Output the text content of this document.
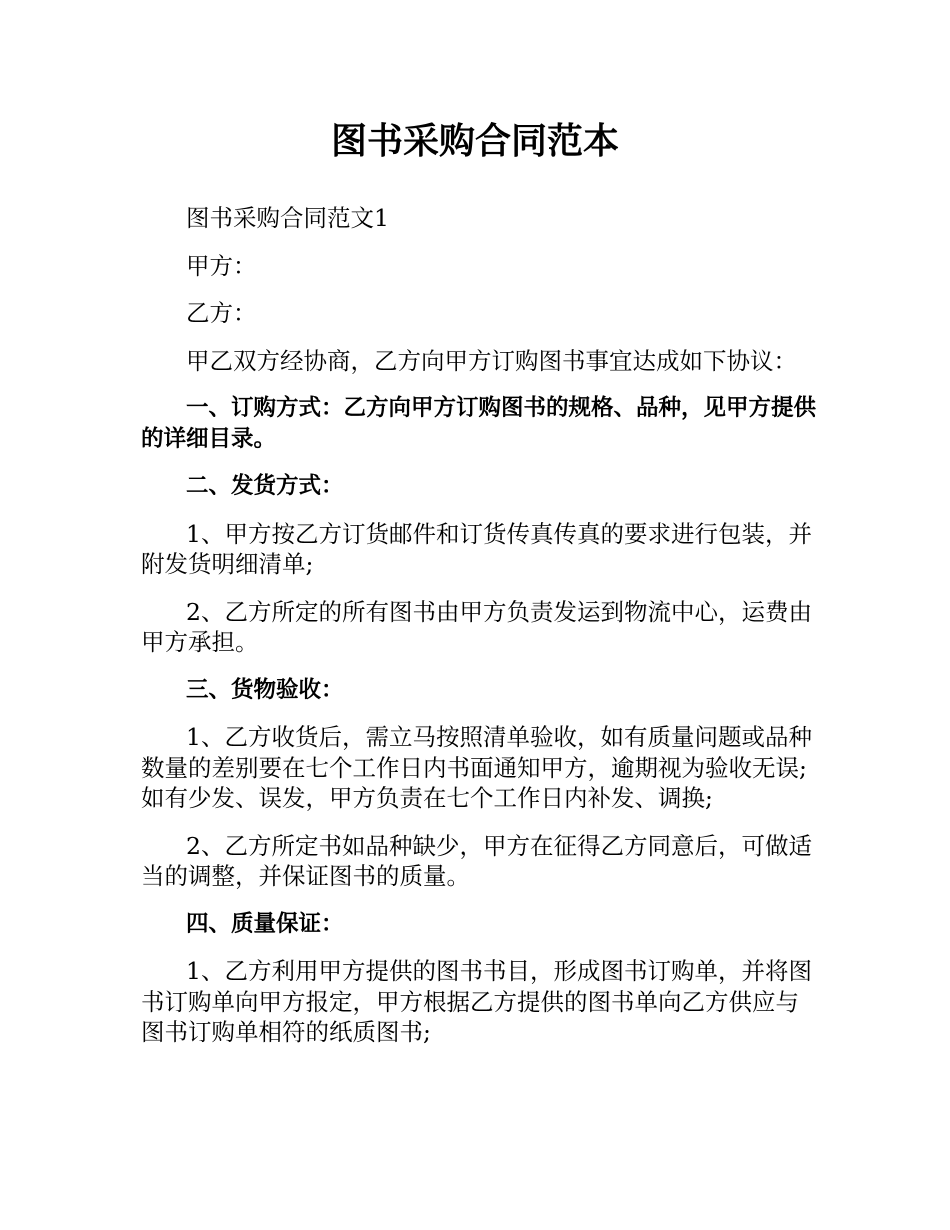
图书采购合同范本

图书采购合同范文1

甲方：

乙方：

甲乙双方经协商，乙方向甲方订购图书事宜达成如下协议：

一、订购方式：乙方向甲方订购图书的规格、品种，见甲方提供的详细目录。

二、发货方式：

1、甲方按乙方订货邮件和订货传真传真的要求进行包装，并附发货明细清单;

2、乙方所定的所有图书由甲方负责发运到物流中心，运费由甲方承担。

三、货物验收：

1、乙方收货后，需立马按照清单验收，如有质量问题或品种数量的差别要在七个工作日内书面通知甲方，逾期视为验收无误;如有少发、误发，甲方负责在七个工作日内补发、调换;

2、乙方所定书如品种缺少，甲方在征得乙方同意后，可做适当的调整，并保证图书的质量。

四、质量保证：

1、乙方利用甲方提供的图书书目，形成图书订购单，并将图书订购单向甲方报定，甲方根据乙方提供的图书单向乙方供应与图书订购单相符的纸质图书;
